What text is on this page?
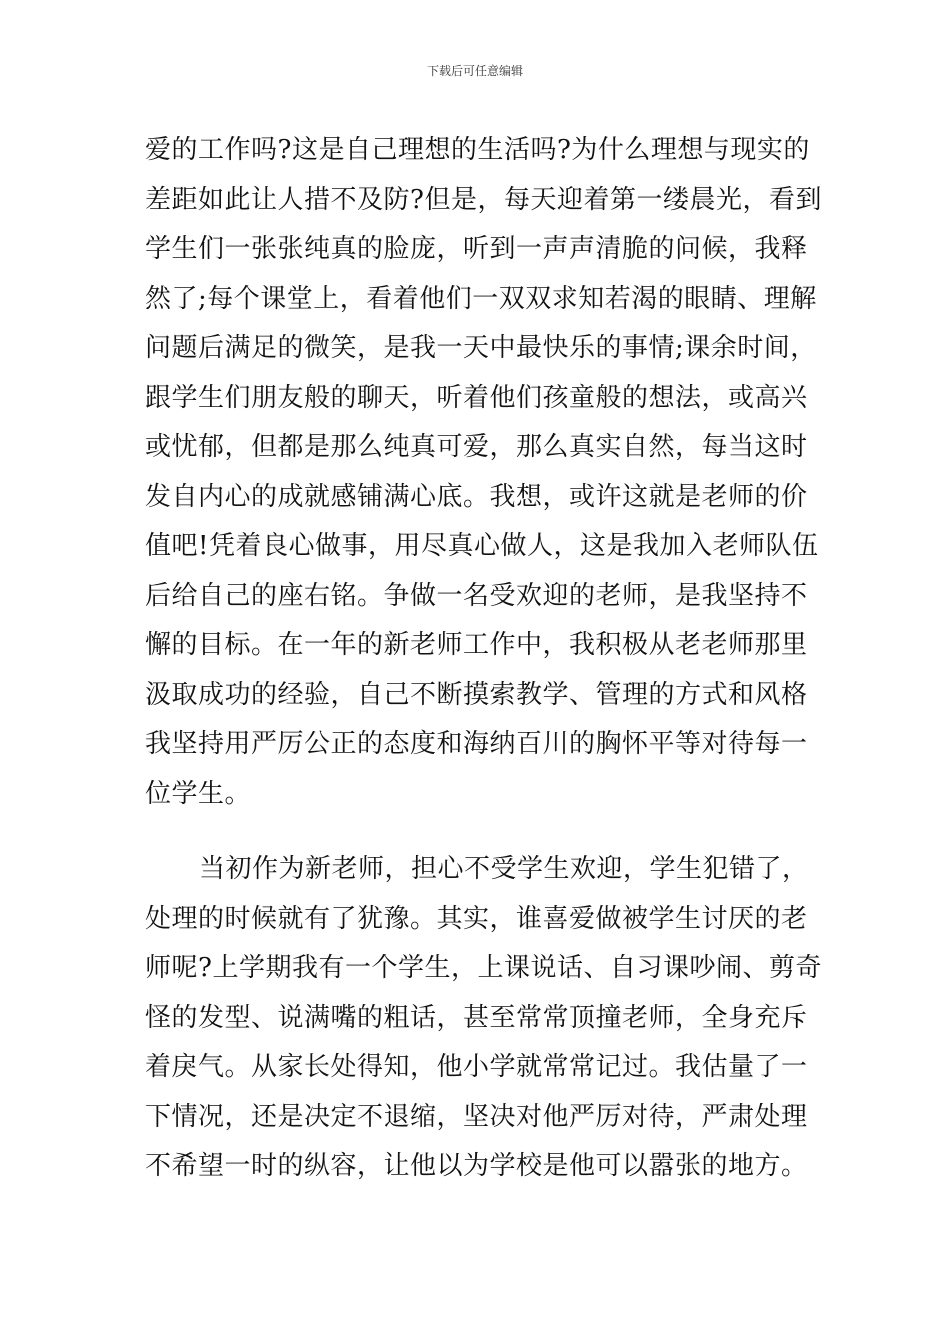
下载后可任意编辑
爱的工作吗?这是自己理想的生活吗?为什么理想与现实的
差距如此让人措不及防?但是，每天迎着第一缕晨光，看到
学生们一张张纯真的脸庞，听到一声声清脆的问候，我释
然了;每个课堂上，看着他们一双双求知若渴的眼睛、理解
问题后满足的微笑，是我一天中最快乐的事情;课余时间，
跟学生们朋友般的聊天，听着他们孩童般的想法，或高兴
或忧郁，但都是那么纯真可爱，那么真实自然，每当这时
发自内心的成就感铺满心底。我想，或许这就是老师的价
值吧!凭着良心做事，用尽真心做人，这是我加入老师队伍
后给自己的座右铭。争做一名受欢迎的老师，是我坚持不
懈的目标。在一年的新老师工作中，我积极从老老师那里
汲取成功的经验，自己不断摸索教学、管理的方式和风格
我坚持用严厉公正的态度和海纳百川的胸怀平等对待每一
位学生。
当初作为新老师，担心不受学生欢迎，学生犯错了，
处理的时候就有了犹豫。其实，谁喜爱做被学生讨厌的老
师呢?上学期我有一个学生，上课说话、自习课吵闹、剪奇
怪的发型、说满嘴的粗话，甚至常常顶撞老师，全身充斥
着戾气。从家长处得知，他小学就常常记过。我估量了一
下情况，还是决定不退缩，坚决对他严厉对待，严肃处理
不希望一时的纵容，让他以为学校是他可以嚣张的地方。
